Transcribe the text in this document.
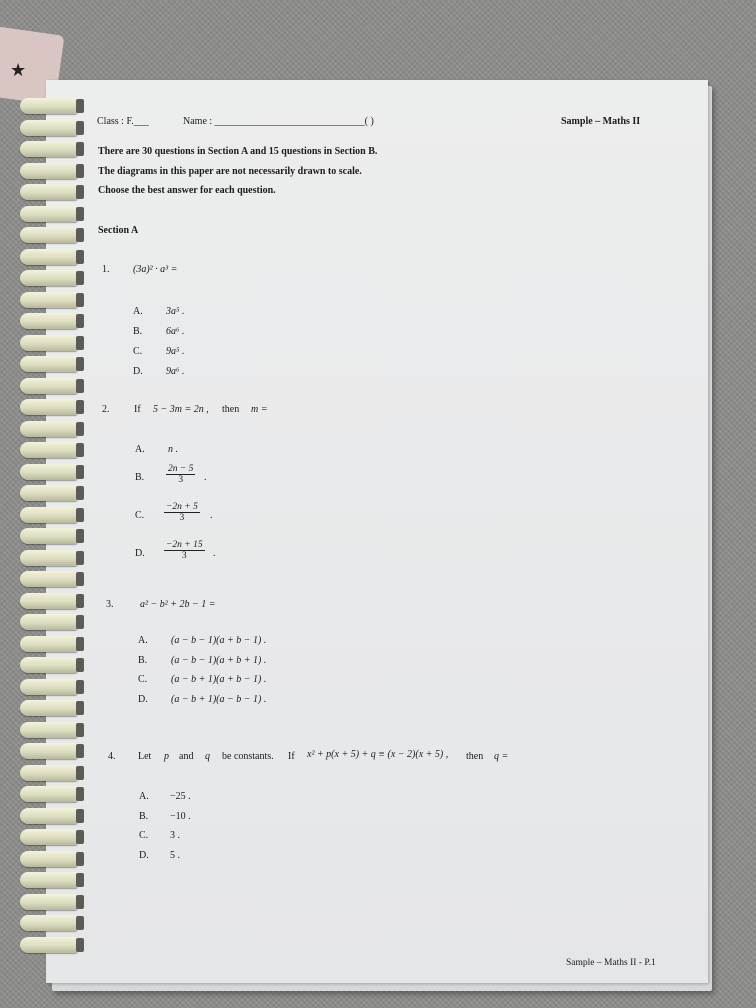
★
Class : F.___	Name : ______________________________( )	Sample – Maths II
There are 30 questions in Section A and 15 questions in Section B.
The diagrams in this paper are not necessarily drawn to scale.
Choose the best answer for each question.
Section A
1. (3a)² · a³ =
A. 3a⁵ .
B. 6a⁶ .
C. 9a⁵ .
D. 9a⁶ .
2. If 5 − 3m = 2n , then m =
A. n .
B. $\frac{2n - 5}{3}$ .
C. $\frac{-2n + 5}{3}$ .
D. $\frac{-2n + 15}{3}$ .
3.	a² − b² + 2b − 1 =
A. (a − b − 1)(a + b − 1) .
B. (a − b − 1)(a + b + 1) .
C. (a − b + 1)(a + b − 1) .
D. (a − b + 1)(a − b − 1) .
4. Let p and q be constants. If x² + p(x + 5) + q ≡ (x − 2)(x + 5) , then q =
A. −25 .
B. −10 .
C. 3 .
D. 5 .
Sample – Maths II - P.1
